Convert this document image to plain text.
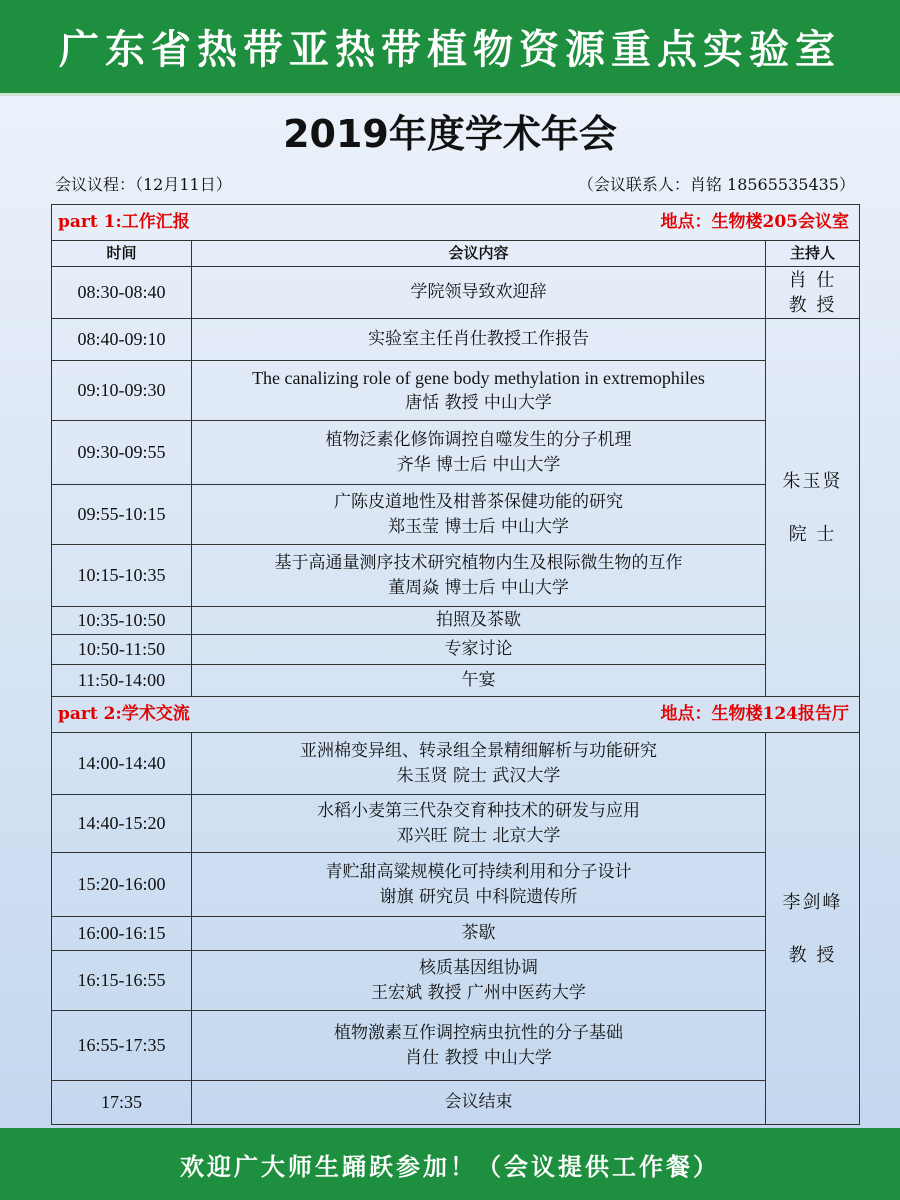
广东省热带亚热带植物资源重点实验室
2019年度学术年会
会议议程：（12月11日）	（会议联系人：肖铭 18565535435）
part 1:工作汇报 地点：生物楼205会议室		

时间	会议内容	主持人
08:30-08:40	学院领导致欢迎辞	肖 仕
教 授

08:40-09:10	实验室主任肖仕教授工作报告	朱玉贤
院 士

09:10-09:30	The canalizing role of gene body methylation in extremophiles
唐恬 教授 中山大学	

09:30-09:55	植物泛素化修饰调控自噬发生的分子机理
齐华 博士后 中山大学	

09:55-10:15	广陈皮道地性及柑普茶保健功能的研究
郑玉莹 博士后 中山大学	

10:15-10:35	基于高通量测序技术研究植物内生及根际微生物的互作
董周焱 博士后 中山大学	

10:35-10:50	拍照及茶歇	

10:50-11:50	专家讨论	

11:50-14:00	午宴	

part 2:学术交流 地点：生物楼124报告厅		

14:00-14:40	亚洲棉变异组、转录组全景精细解析与功能研究
朱玉贤 院士 武汉大学	李剑峰
教 授

14:40-15:20	水稻小麦第三代杂交育种技术的研发与应用
邓兴旺 院士 北京大学	

15:20-16:00	青贮甜高粱规模化可持续利用和分子设计
谢旗 研究员 中科院遗传所	

16:00-16:15	茶歇	

16:15-16:55	核质基因组协调
王宏斌 教授 广州中医药大学	

16:55-17:35	植物激素互作调控病虫抗性的分子基础
肖仕 教授 中山大学	

17:35	会议结束	
欢迎广大师生踊跃参加！（会议提供工作餐）
